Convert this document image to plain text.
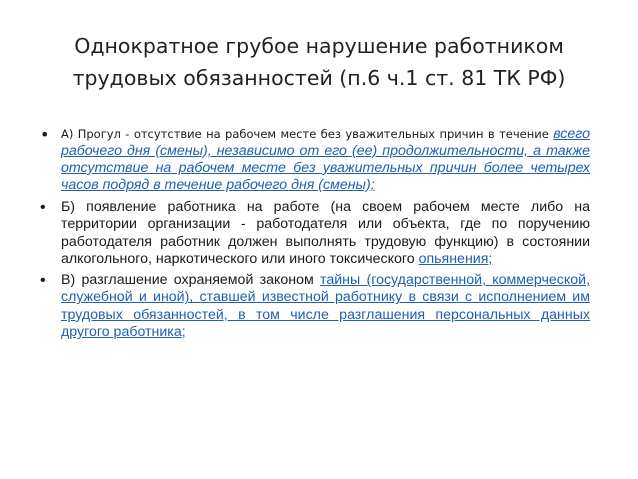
Однократное грубое нарушение работником трудовых обязанностей (п.6 ч.1 ст. 81 ТК РФ)
• А) Прогул - отсутствие на рабочем месте без уважительных причин в течение всего рабочего дня (смены), независимо от его (ее) продолжительности, а также отсутствие на рабочем месте без уважительных причин более четырех часов подряд в течение рабочего дня (смены);
• Б) появление работника на работе (на своем рабочем месте либо на территории организации - работодателя или объекта, где по поручению работодателя работник должен выполнять трудовую функцию) в состоянии алкогольного, наркотического или иного токсического опьянения;
• В) разглашение охраняемой законом тайны (государственной, коммерческой, служебной и иной), ставшей известной работнику в связи с исполнением им трудовых обязанностей, в том числе разглашения персональных данных другого работника;
